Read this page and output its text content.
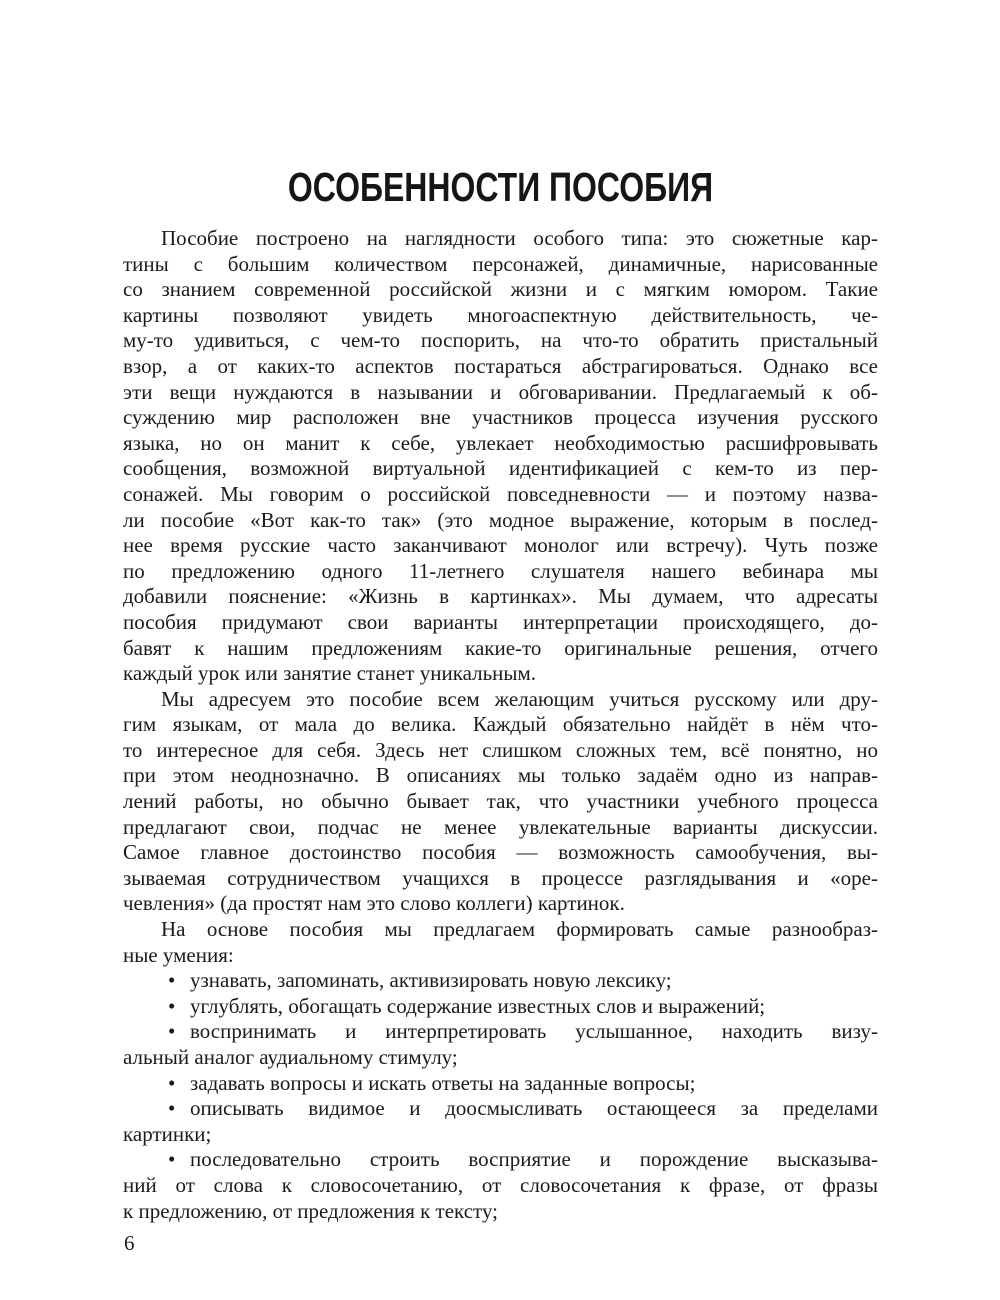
ОСОБЕННОСТИ ПОСОБИЯ
Пособие построено на наглядности особого типа: это сюжетные кар-
тины с большим количеством персонажей, динамичные, нарисованные
со знанием современной российской жизни и с мягким юмором. Такие
картины позволяют увидеть многоаспектную действительность, че-
му-то удивиться, с чем-то поспорить, на что-то обратить пристальный
взор, а от каких-то аспектов постараться абстрагироваться. Однако все
эти вещи нуждаются в назывании и обговаривании. Предлагаемый к об-
суждению мир расположен вне участников процесса изучения русского
языка, но он манит к себе, увлекает необходимостью расшифровывать
сообщения, возможной виртуальной идентификацией с кем-то из пер-
сонажей. Мы говорим о российской повседневности — и поэтому назва-
ли пособие «Вот как-то так» (это модное выражение, которым в послед-
нее время русские часто заканчивают монолог или встречу). Чуть позже
по предложению одного 11-летнего слушателя нашего вебинара мы
добавили пояснение: «Жизнь в картинках». Мы думаем, что адресаты
пособия придумают свои варианты интерпретации происходящего, до-
бавят к нашим предложениям какие-то оригинальные решения, отчего
каждый урок или занятие станет уникальным.
Мы адресуем это пособие всем желающим учиться русскому или дру-
гим языкам, от мала до велика. Каждый обязательно найдёт в нём что-
то интересное для себя. Здесь нет слишком сложных тем, всё понятно, но
при этом неоднозначно. В описаниях мы только задаём одно из направ-
лений работы, но обычно бывает так, что участники учебного процесса
предлагают свои, подчас не менее увлекательные варианты дискуссии.
Самое главное достоинство пособия — возможность самообучения, вы-
зываемая сотрудничеством учащихся в процессе разглядывания и «оре-
чевления» (да простят нам это слово коллеги) картинок.
На основе пособия мы предлагаем формировать самые разнообраз-
ные умения:
• узнавать, запоминать, активизировать новую лексику;
• углублять, обогащать содержание известных слов и выражений;
• воспринимать и интерпретировать услышанное, находить визу-
альный аналог аудиальному стимулу;
• задавать вопросы и искать ответы на заданные вопросы;
• описывать видимое и доосмысливать остающееся за пределами
картинки;
• последовательно строить восприятие и порождение высказыва-
ний от слова к словосочетанию, от словосочетания к фразе, от фразы
к предложению, от предложения к тексту;
6
